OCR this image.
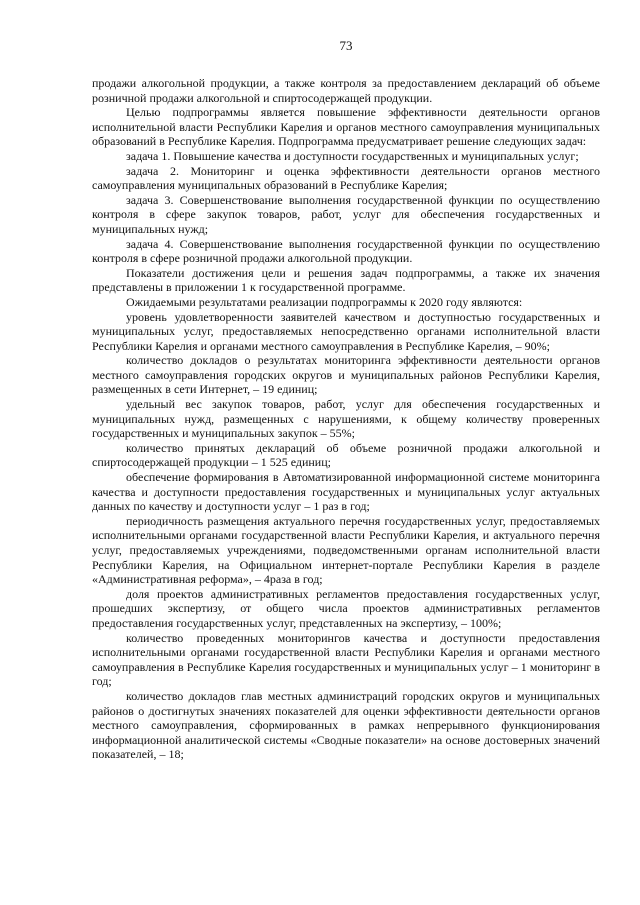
73

продажи алкогольной продукции, а также контроля за предоставлением деклараций об объеме розничной продажи алкогольной и спиртосодержащей продукции.

Целью подпрограммы является повышение эффективности деятельности органов исполнительной власти Республики Карелия и органов местного самоуправления муниципальных образований в Республике Карелия. Подпрограмма предусматривает решение следующих задач:

задача 1. Повышение качества и доступности государственных и муниципальных услуг;

задача 2. Мониторинг и оценка эффективности деятельности органов местного самоуправления муниципальных образований в Республике Карелия;

задача 3. Совершенствование выполнения государственной функции по осуществлению контроля в сфере закупок товаров, работ, услуг для обеспечения государственных и муниципальных нужд;

задача 4. Совершенствование выполнения государственной функции по осуществлению контроля в сфере розничной продажи алкогольной продукции.

Показатели достижения цели и решения задач подпрограммы, а также их значения представлены в приложении 1 к государственной программе.

Ожидаемыми результатами реализации подпрограммы к 2020 году являются:

уровень удовлетворенности заявителей качеством и доступностью государственных и муниципальных услуг, предоставляемых непосредственно органами исполнительной власти Республики Карелия и органами местного самоуправления в Республике Карелия, – 90%;

количество докладов о результатах мониторинга эффективности деятельности органов местного самоуправления городских округов и муниципальных районов Республики Карелия, размещенных в сети Интернет, – 19 единиц;

удельный вес закупок товаров, работ, услуг для обеспечения государственных и муниципальных нужд, размещенных с нарушениями, к общему количеству проверенных государственных и муниципальных закупок – 55%;

количество принятых деклараций об объеме розничной продажи алкогольной и спиртосодержащей продукции – 1 525 единиц;

обеспечение формирования в Автоматизированной информационной системе мониторинга качества и доступности предоставления государственных и муниципальных услуг актуальных данных по качеству и доступности услуг – 1 раз в год;

периодичность размещения актуального перечня государственных услуг, предоставляемых исполнительными органами государственной власти Республики Карелия, и актуального перечня услуг, предоставляемых учреждениями, подведомственными органам исполнительной власти Республики Карелия, на Официальном интернет-портале Республики Карелия в разделе «Административная реформа», – 4раза в год;

доля проектов административных регламентов предоставления государственных услуг, прошедших экспертизу, от общего числа проектов административных регламентов предоставления государственных услуг, представленных на экспертизу, – 100%;

количество проведенных мониторингов качества и доступности предоставления исполнительными органами государственной власти Республики Карелия и органами местного самоуправления в Республике Карелия государственных и муниципальных услуг – 1 мониторинг в год;

количество докладов глав местных администраций городских округов и муниципальных районов о достигнутых значениях показателей для оценки эффективности деятельности органов местного самоуправления, сформированных в рамках непрерывного функционирования информационной аналитической системы «Сводные показатели» на основе достоверных значений показателей, – 18;
